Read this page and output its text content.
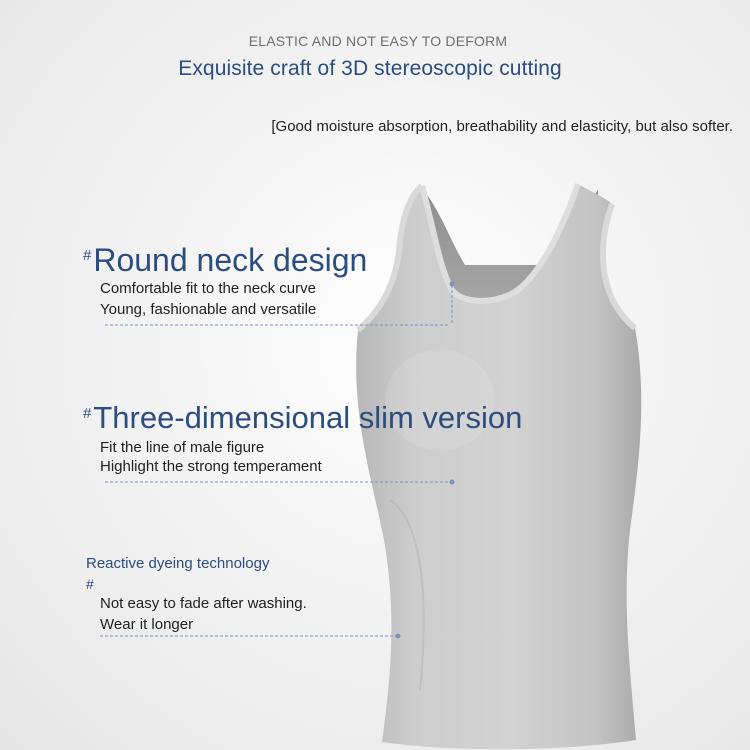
ELASTIC AND NOT EASY TO DEFORM
Exquisite craft of 3D stereoscopic cutting
[Good moisture absorption, breathability and elasticity, but also softer.
#Round neck design
Comfortable fit to the neck curve
Young, fashionable and versatile
#Three-dimensional slim version
Fit the line of male figure
Highlight the strong temperament
Reactive dyeing technology
#
Not easy to fade after washing.
Wear it longer
